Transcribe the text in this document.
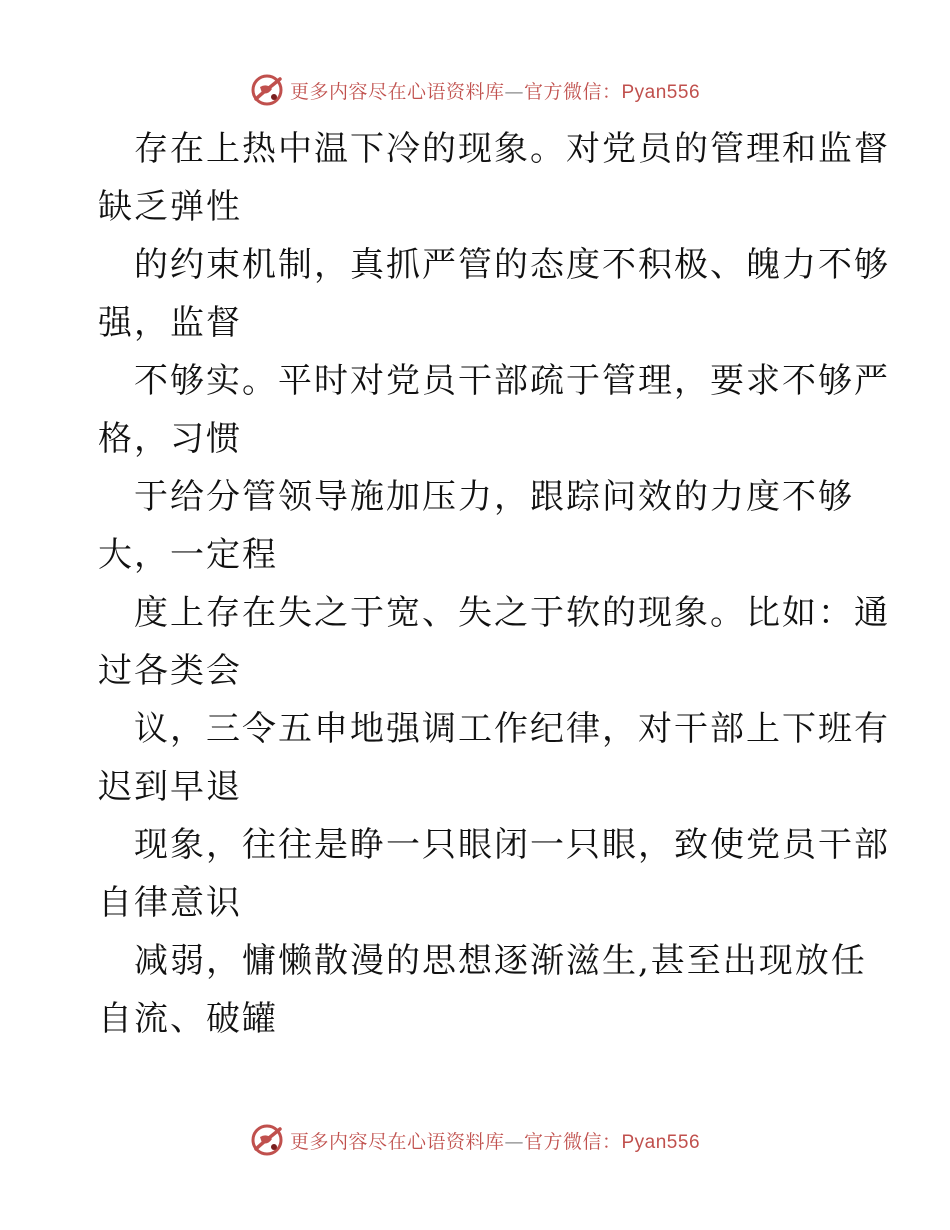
更多内容尽在心语资料库—官方微信：Pyan556

存在上热中温下冷的现象。对党员的管理和监督

缺乏弹性

的约束机制，真抓严管的态度不积极、魄力不够

强，监督

不够实。平时对党员干部疏于管理，要求不够严

格，习惯

于给分管领导施加压力，跟踪问效的力度不够

大，一定程

度上存在失之于宽、失之于软的现象。比如：通

过各类会

议，三令五申地强调工作纪律，对干部上下班有

迟到早退

现象，往往是睁一只眼闭一只眼，致使党员干部

自律意识

减弱，慵懒散漫的思想逐渐滋生,甚至出现放任

自流、破罐

更多内容尽在心语资料库—官方微信：Pyan556
